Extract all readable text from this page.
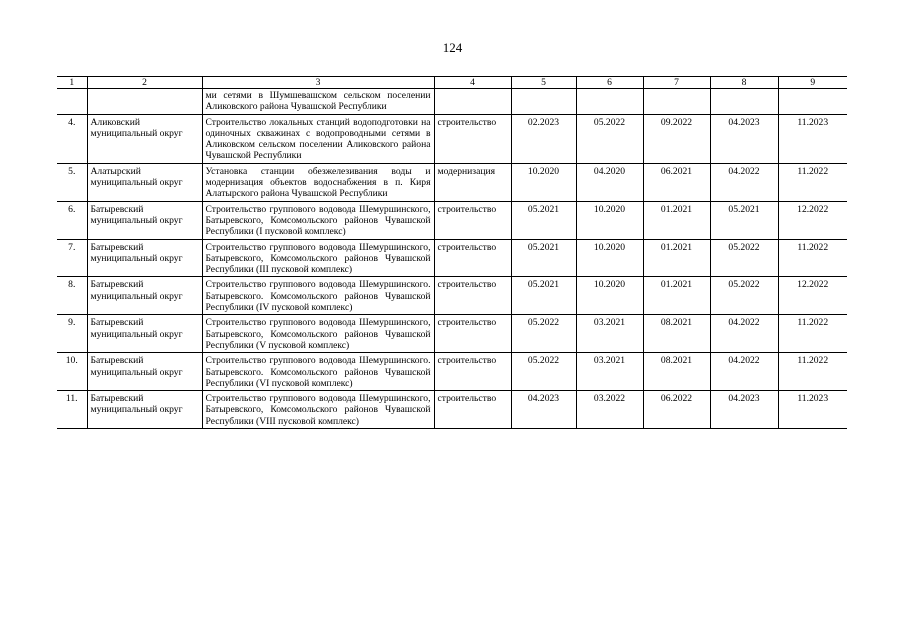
124
1	2	3	4	5	6	7	8	9
		ми сетями в Шумшевашском сельском поселении Аликовского района Чувашской Республики						
4.	Аликовский муниципальный округ	Строительство локальных станций водоподготовки на одиночных скважинах с водопроводными сетями в Аликовском сельском поселении Аликовского района Чувашской Республики	строительство	02.2023	05.2022	09.2022	04.2023	11.2023
5.	Алатырский муниципальный округ	Установка станции обезжелезивания воды и модернизация объектов водоснабжения в п. Киря Алатырского района Чувашской Республики	модернизация	10.2020	04.2020	06.2021	04.2022	11.2022
6.	Батыревский муниципальный округ	Строительство группового водовода Шемуршинского, Батыревского, Комсомольского районов Чувашской Республики (I пусковой комплекс)	строительство	05.2021	10.2020	01.2021	05.2021	12.2022
7.	Батыревский муниципальный округ	Строительство группового водовода Шемуршинского, Батыревского, Комсомольского районов Чувашской Республики (III пусковой комплекс)	строительство	05.2021	10.2020	01.2021	05.2022	11.2022
8.	Батыревский муниципальный округ	Строительство группового водовода Шемуршинского. Батыревского. Комсомольского районов Чувашской Республики (IV пусковой комплекс)	строительство	05.2021	10.2020	01.2021	05.2022	12.2022
9.	Батыревский муниципальный округ	Строительство группового водовода Шемуршинского, Батыревского, Комсомольского районов Чувашской Республики (V пусковой комплекс)	строительство	05.2022	03.2021	08.2021	04.2022	11.2022
10.	Батыревский муниципальный округ	Строительство группового водовода Шемуршинского. Батыревского. Комсомольского районов Чувашской Республики (VI пусковой комплекс)	строительство	05.2022	03.2021	08.2021	04.2022	11.2022
11.	Батыревский муниципальный округ	Строительство группового водовода Шемуршинского, Батыревского, Комсомольского районов Чувашской Республики (VIII пусковой комплекс)	строительство	04.2023	03.2022	06.2022	04.2023	11.2023
